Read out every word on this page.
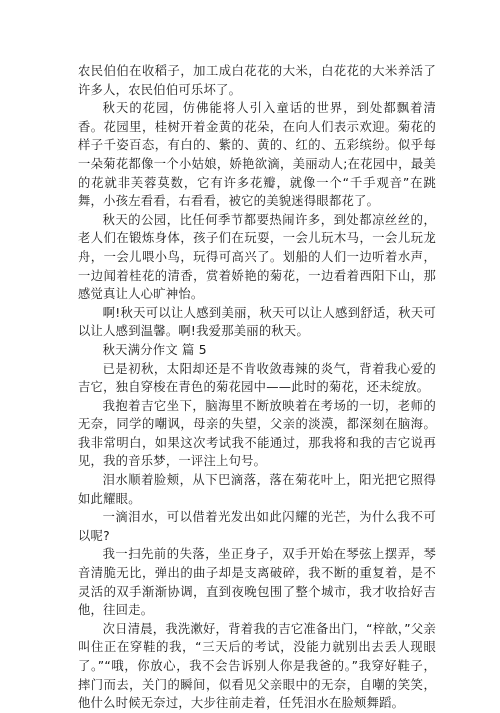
农民伯伯在收稻子，加工成白花花的大米，白花花的大米养活了许多人，农民伯伯可乐坏了。

秋天的花园，仿佛能将人引入童话的世界，到处都飘着清香。花园里，桂树开着金黄的花朵，在向人们表示欢迎。菊花的样子千姿百态，有白的、紫的、黄的、红的、五彩缤纷。似乎每一朵菊花都像一个小姑娘，娇艳欲滴，美丽动人;在花园中，最美的花就非芙蓉莫数，它有许多花瓣，就像一个“千手观音”在跳舞，小孩左看看，右看看，被它的美貌迷得眼都花了。

秋天的公园，比任何季节都要热闹许多，到处都凉丝丝的，老人们在锻炼身体，孩子们在玩耍，一会儿玩木马，一会儿玩龙舟，一会儿喂小鸟，玩得可高兴了。划船的人们一边听着水声，一边闻着桂花的清香，赏着娇艳的菊花，一边看着西阳下山，那感觉真让人心旷神怡。

啊!秋天可以让人感到美丽，秋天可以让人感到舒适，秋天可以让人感到温馨。啊!我爱那美丽的秋天。

秋天满分作文 篇 5

已是初秋，太阳却还是不肯收敛毒辣的炎气，背着我心爱的吉它，独自穿梭在青色的菊花园中——此时的菊花，还未绽放。

我抱着吉它坐下，脑海里不断放映着在考场的一切，老师的无奈，同学的嘲讽，母亲的失望，父亲的淡漠，都深刻在脑海。我非常明白，如果这次考试我不能通过，那我将和我的吉它说再见，我的音乐梦，一评注上句号。

泪水顺着脸颊，从下巴滴落，落在菊花叶上，阳光把它照得如此耀眼。

一滴泪水，可以借着光发出如此闪耀的光芒，为什么我不可以呢?

我一扫先前的失落，坐正身子，双手开始在琴弦上摆弄，琴音清脆无比，弹出的曲子却是支离破碎，我不断的重复着，是不灵活的双手渐渐协调，直到夜晚包围了整个城市，我才收拾好吉他，往回走。

次日清晨，我洗漱好，背着我的吉它准备出门，“梓歆，”父亲叫住正在穿鞋的我，“三天后的考试，没能力就别出去丢人现眼了。”“哦，你放心，我不会告诉别人你是我爸的。”我穿好鞋子，摔门而去，关门的瞬间，似看见父亲眼中的无奈，自嘲的笑笑，他什么时候无奈过，大步往前走着，任凭泪水在脸颊舞蹈。
